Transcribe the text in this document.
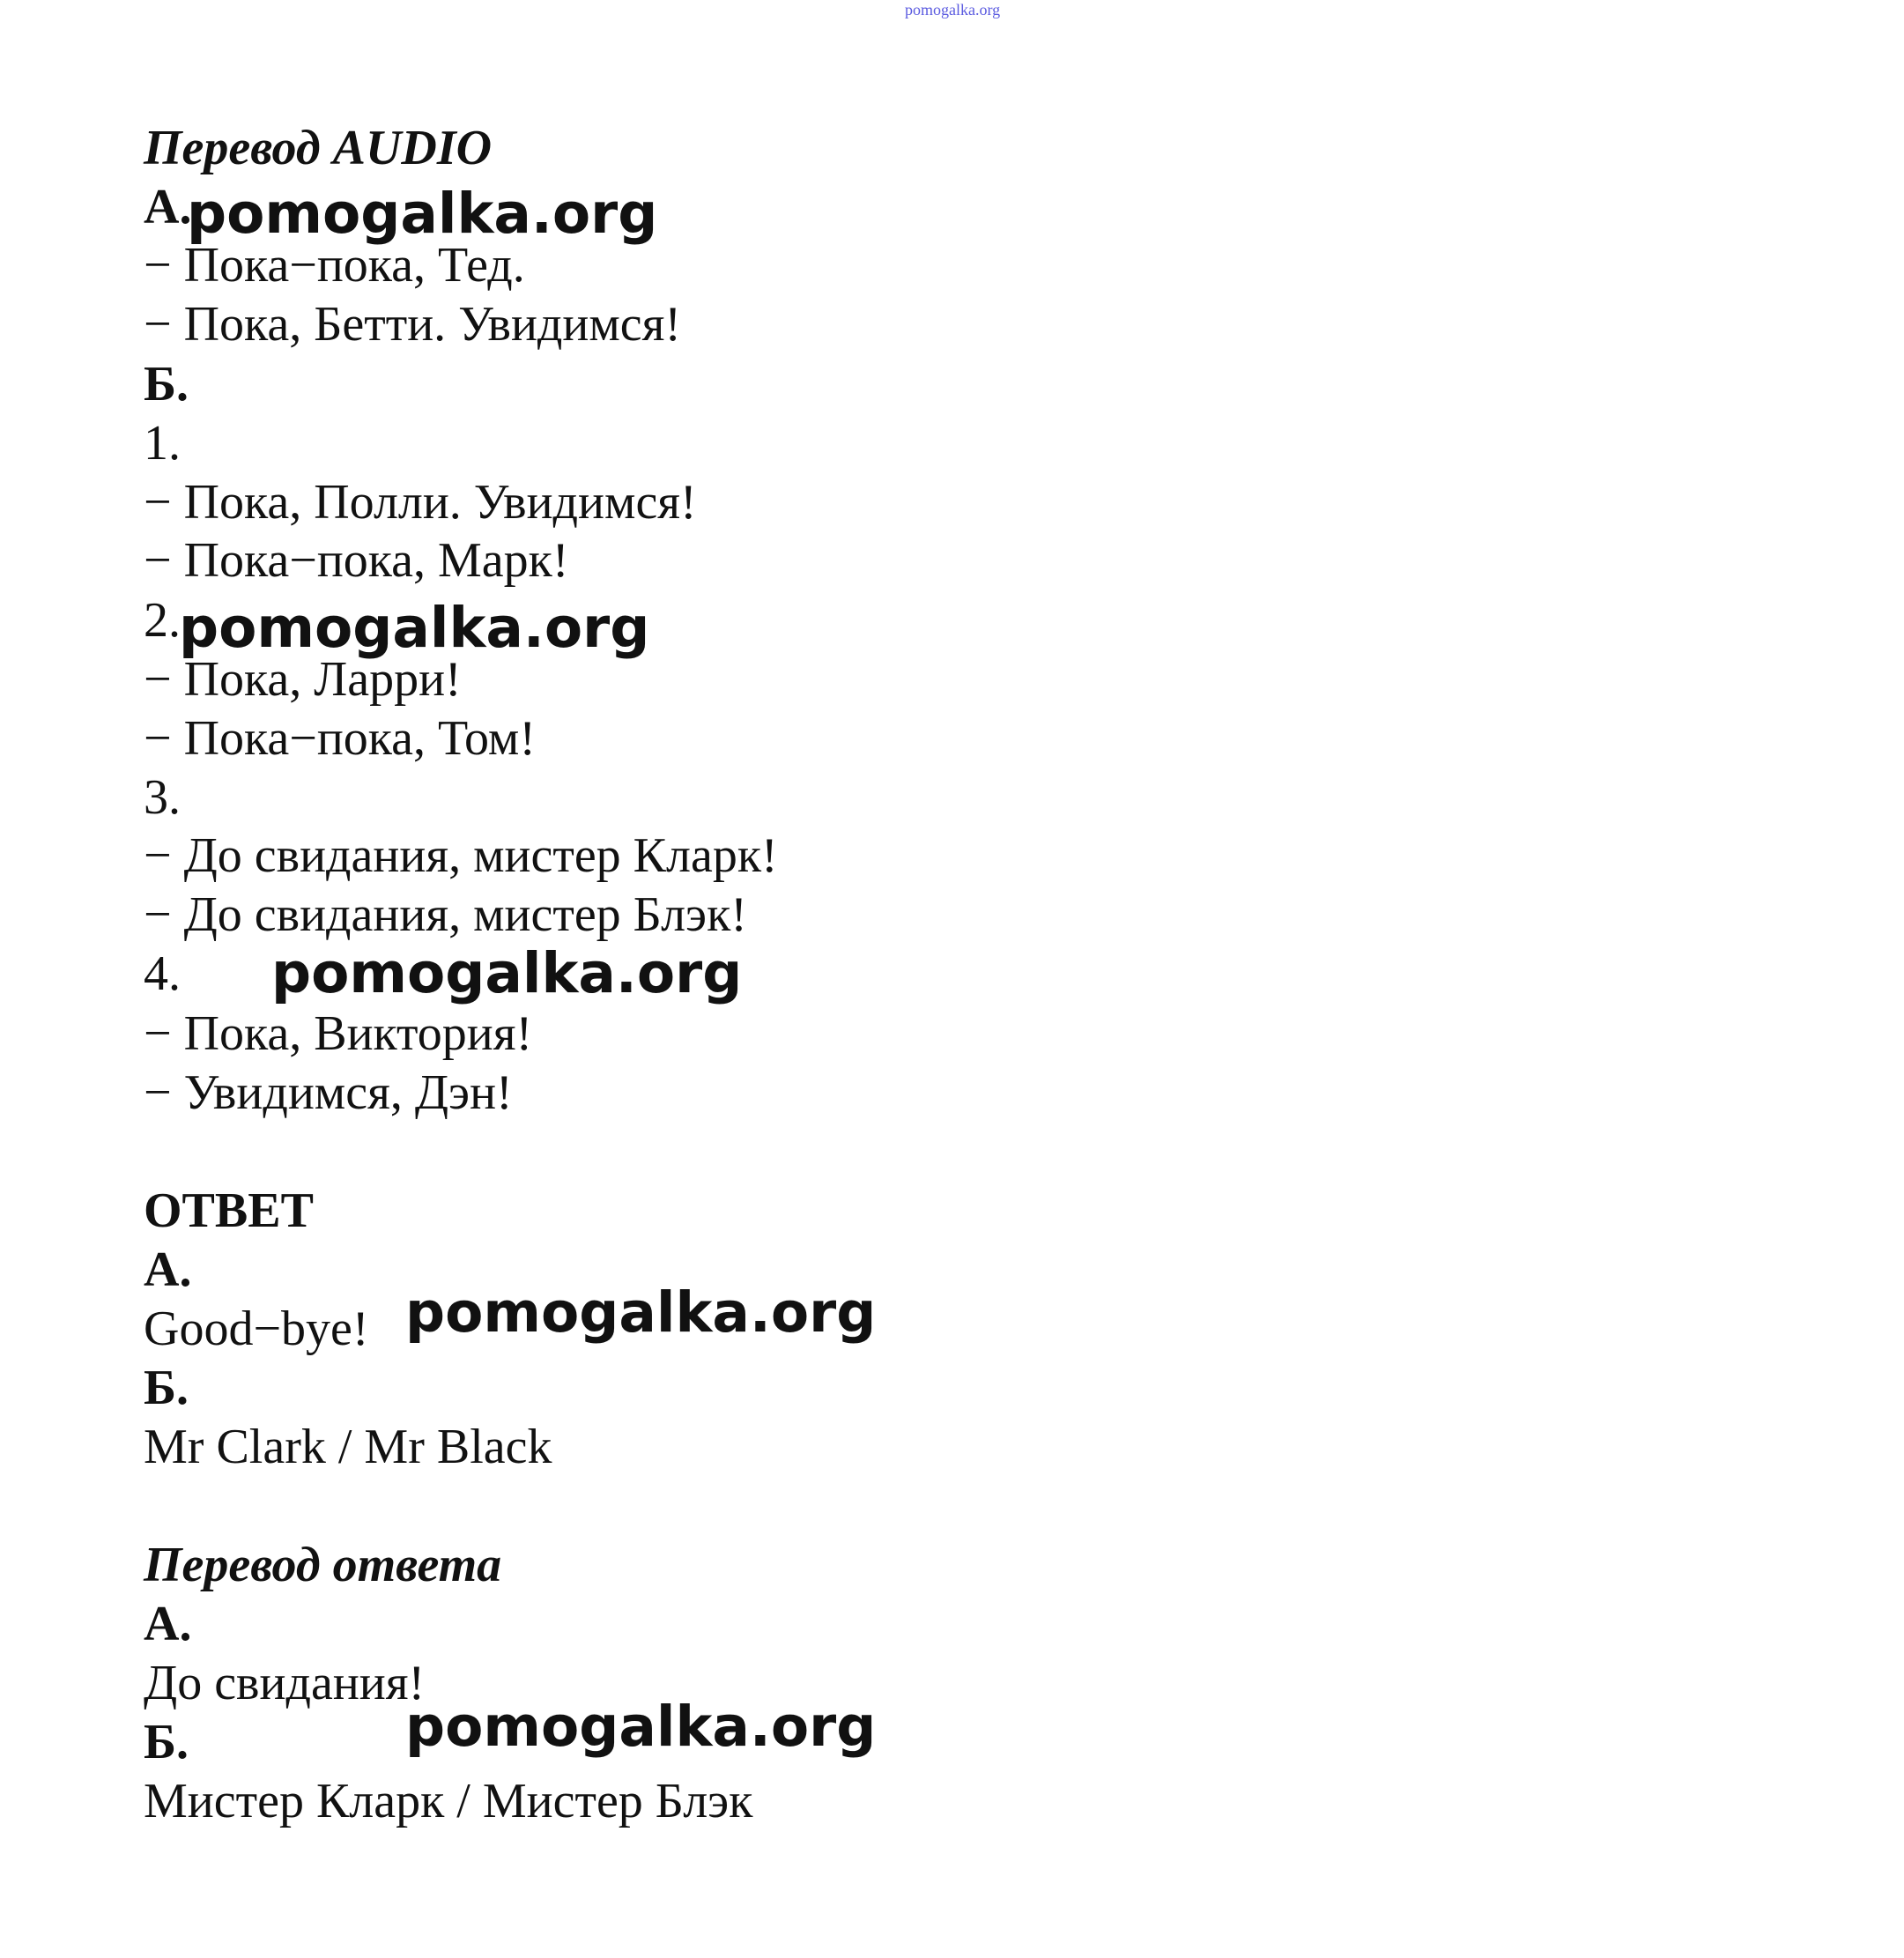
pomogalka.org
Перевод AUDIO
А.
− Пока−пока, Тед.
− Пока, Бетти. Увидимся!
Б.
1.
− Пока, Полли. Увидимся!
− Пока−пока, Марк!
2.
− Пока, Ларри!
− Пока−пока, Том!
3.
− До свидания, мистер Кларк!
− До свидания, мистер Блэк!
4.
− Пока, Виктория!
− Увидимся, Дэн!
ОТВЕТ
А.
Good−bye!
Б.
Mr Clark / Mr Black
Перевод ответа
А.
До свидания!
Б.
Мистер Кларк / Мистер Блэк
pomogalka.org
pomogalka.org
pomogalka.org
pomogalka.org
pomogalka.org
